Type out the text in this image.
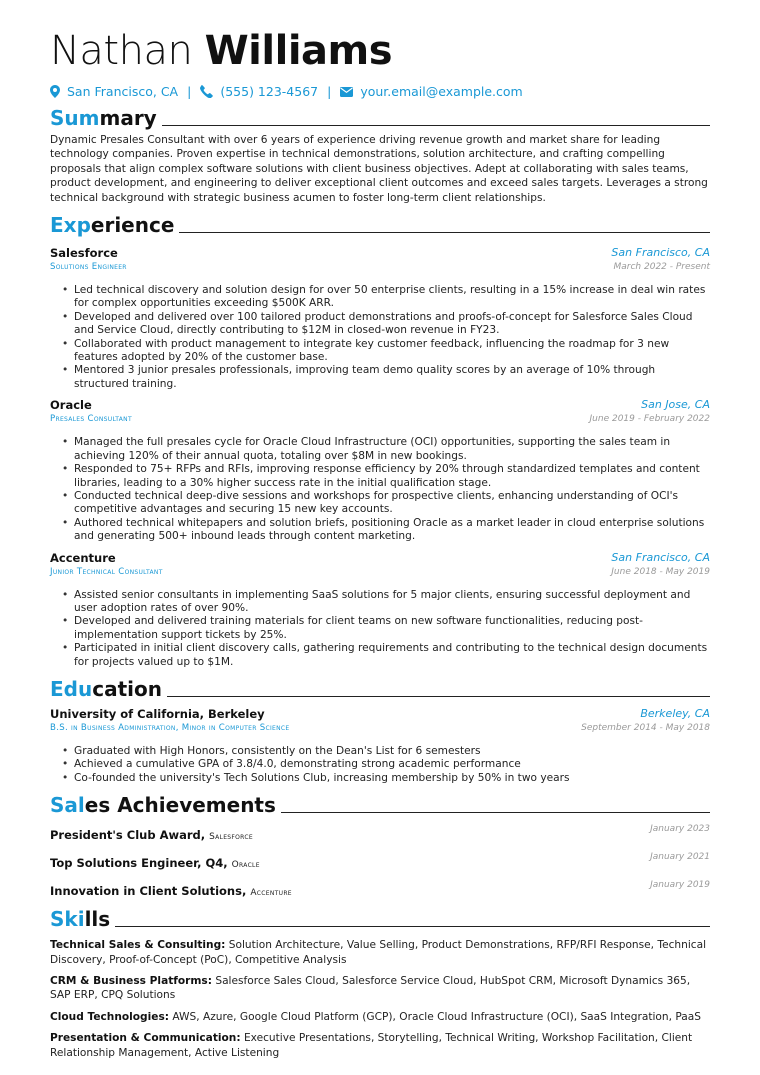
Nathan Williams
San Francisco, CA | (555) 123-4567 | your.email@example.com
Summary
Dynamic Presales Consultant with over 6 years of experience driving revenue growth and market share for leading technology companies. Proven expertise in technical demonstrations, solution architecture, and crafting compelling proposals that align complex software solutions with client business objectives. Adept at collaborating with sales teams, product development, and engineering to deliver exceptional client outcomes and exceed sales targets. Leverages a strong technical background with strategic business acumen to foster long-term client relationships.
Experience
Salesforce	San Francisco, CA
Solutions Engineer	March 2022 - Present
• Led technical discovery and solution design for over 50 enterprise clients, resulting in a 15% increase in deal win rates for complex opportunities exceeding $500K ARR.
• Developed and delivered over 100 tailored product demonstrations and proofs-of-concept for Salesforce Sales Cloud and Service Cloud, directly contributing to $12M in closed-won revenue in FY23.
• Collaborated with product management to integrate key customer feedback, influencing the roadmap for 3 new features adopted by 20% of the customer base.
• Mentored 3 junior presales professionals, improving team demo quality scores by an average of 10% through structured training.
Oracle	San Jose, CA
Presales Consultant	June 2019 - February 2022
• Managed the full presales cycle for Oracle Cloud Infrastructure (OCI) opportunities, supporting the sales team in achieving 120% of their annual quota, totaling over $8M in new bookings.
• Responded to 75+ RFPs and RFIs, improving response efficiency by 20% through standardized templates and content libraries, leading to a 30% higher success rate in the initial qualification stage.
• Conducted technical deep-dive sessions and workshops for prospective clients, enhancing understanding of OCI's competitive advantages and securing 15 new key accounts.
• Authored technical whitepapers and solution briefs, positioning Oracle as a market leader in cloud enterprise solutions and generating 500+ inbound leads through content marketing.
Accenture	San Francisco, CA
Junior Technical Consultant	June 2018 - May 2019
• Assisted senior consultants in implementing SaaS solutions for 5 major clients, ensuring successful deployment and user adoption rates of over 90%.
• Developed and delivered training materials for client teams on new software functionalities, reducing post-implementation support tickets by 25%.
• Participated in initial client discovery calls, gathering requirements and contributing to the technical design documents for projects valued up to $1M.
Education
University of California, Berkeley	Berkeley, CA
B.S. in Business Administration, Minor in Computer Science	September 2014 - May 2018
• Graduated with High Honors, consistently on the Dean's List for 6 semesters
• Achieved a cumulative GPA of 3.8/4.0, demonstrating strong academic performance
• Co-founded the university's Tech Solutions Club, increasing membership by 50% in two years
Sales Achievements
President's Club Award, Salesforce
January 2023
Top Solutions Engineer, Q4, Oracle
January 2021
Innovation in Client Solutions, Accenture
January 2019
Skills
Technical Sales & Consulting: Solution Architecture, Value Selling, Product Demonstrations, RFP/RFI Response, Technical Discovery, Proof-of-Concept (PoC), Competitive Analysis
CRM & Business Platforms: Salesforce Sales Cloud, Salesforce Service Cloud, HubSpot CRM, Microsoft Dynamics 365, SAP ERP, CPQ Solutions
Cloud Technologies: AWS, Azure, Google Cloud Platform (GCP), Oracle Cloud Infrastructure (OCI), SaaS Integration, PaaS
Presentation & Communication: Executive Presentations, Storytelling, Technical Writing, Workshop Facilitation, Client Relationship Management, Active Listening
